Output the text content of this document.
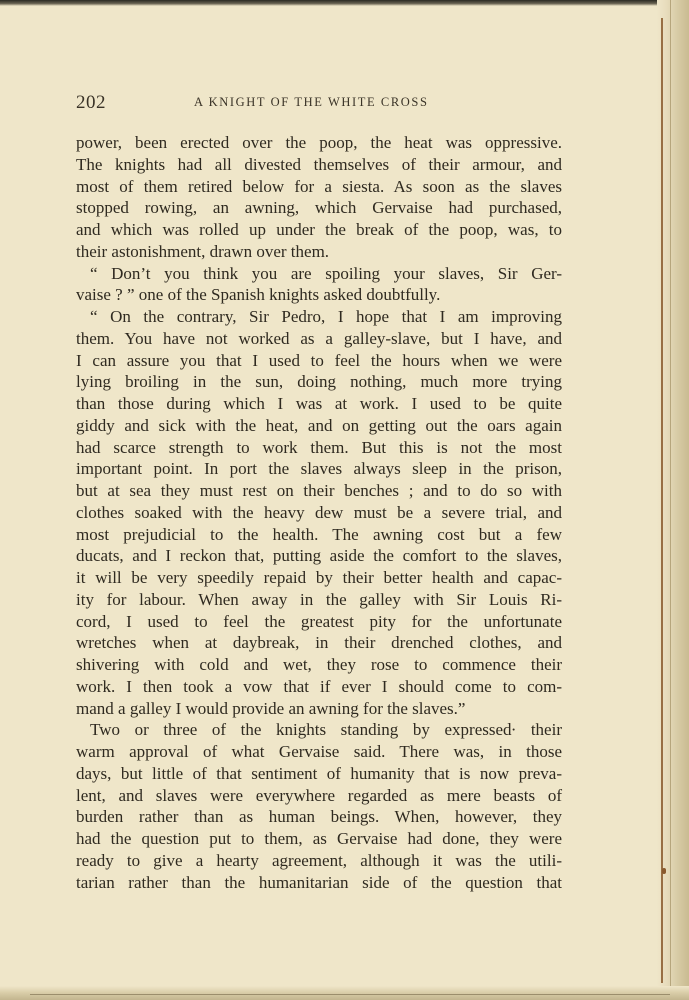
202	A KNIGHT OF THE WHITE CROSS
power, been erected over the poop, the heat was oppressive.
The knights had all divested themselves of their armour, and
most of them retired below for a siesta. As soon as the slaves
stopped rowing, an awning, which Gervaise had purchased,
and which was rolled up under the break of the poop, was, to
their astonishment, drawn over them.
“ Don’t you think you are spoiling your slaves, Sir Ger-
vaise ? ” one of the Spanish knights asked doubtfully.
“ On the contrary, Sir Pedro, I hope that I am improving
them. You have not worked as a galley-slave, but I have, and
I can assure you that I used to feel the hours when we were
lying broiling in the sun, doing nothing, much more trying
than those during which I was at work. I used to be quite
giddy and sick with the heat, and on getting out the oars again
had scarce strength to work them. But this is not the most
important point. In port the slaves always sleep in the prison,
but at sea they must rest on their benches ; and to do so with
clothes soaked with the heavy dew must be a severe trial, and
most prejudicial to the health. The awning cost but a few
ducats, and I reckon that, putting aside the comfort to the slaves,
it will be very speedily repaid by their better health and capac-
ity for labour. When away in the galley with Sir Louis Ri-
cord, I used to feel the greatest pity for the unfortunate
wretches when at daybreak, in their drenched clothes, and
shivering with cold and wet, they rose to commence their
work. I then took a vow that if ever I should come to com-
mand a galley I would provide an awning for the slaves.”
Two or three of the knights standing by expressed· their
warm approval of what Gervaise said. There was, in those
days, but little of that sentiment of humanity that is now preva-
lent, and slaves were everywhere regarded as mere beasts of
burden rather than as human beings. When, however, they
had the question put to them, as Gervaise had done, they were
ready to give a hearty agreement, although it was the utili-
tarian rather than the humanitarian side of the question that
